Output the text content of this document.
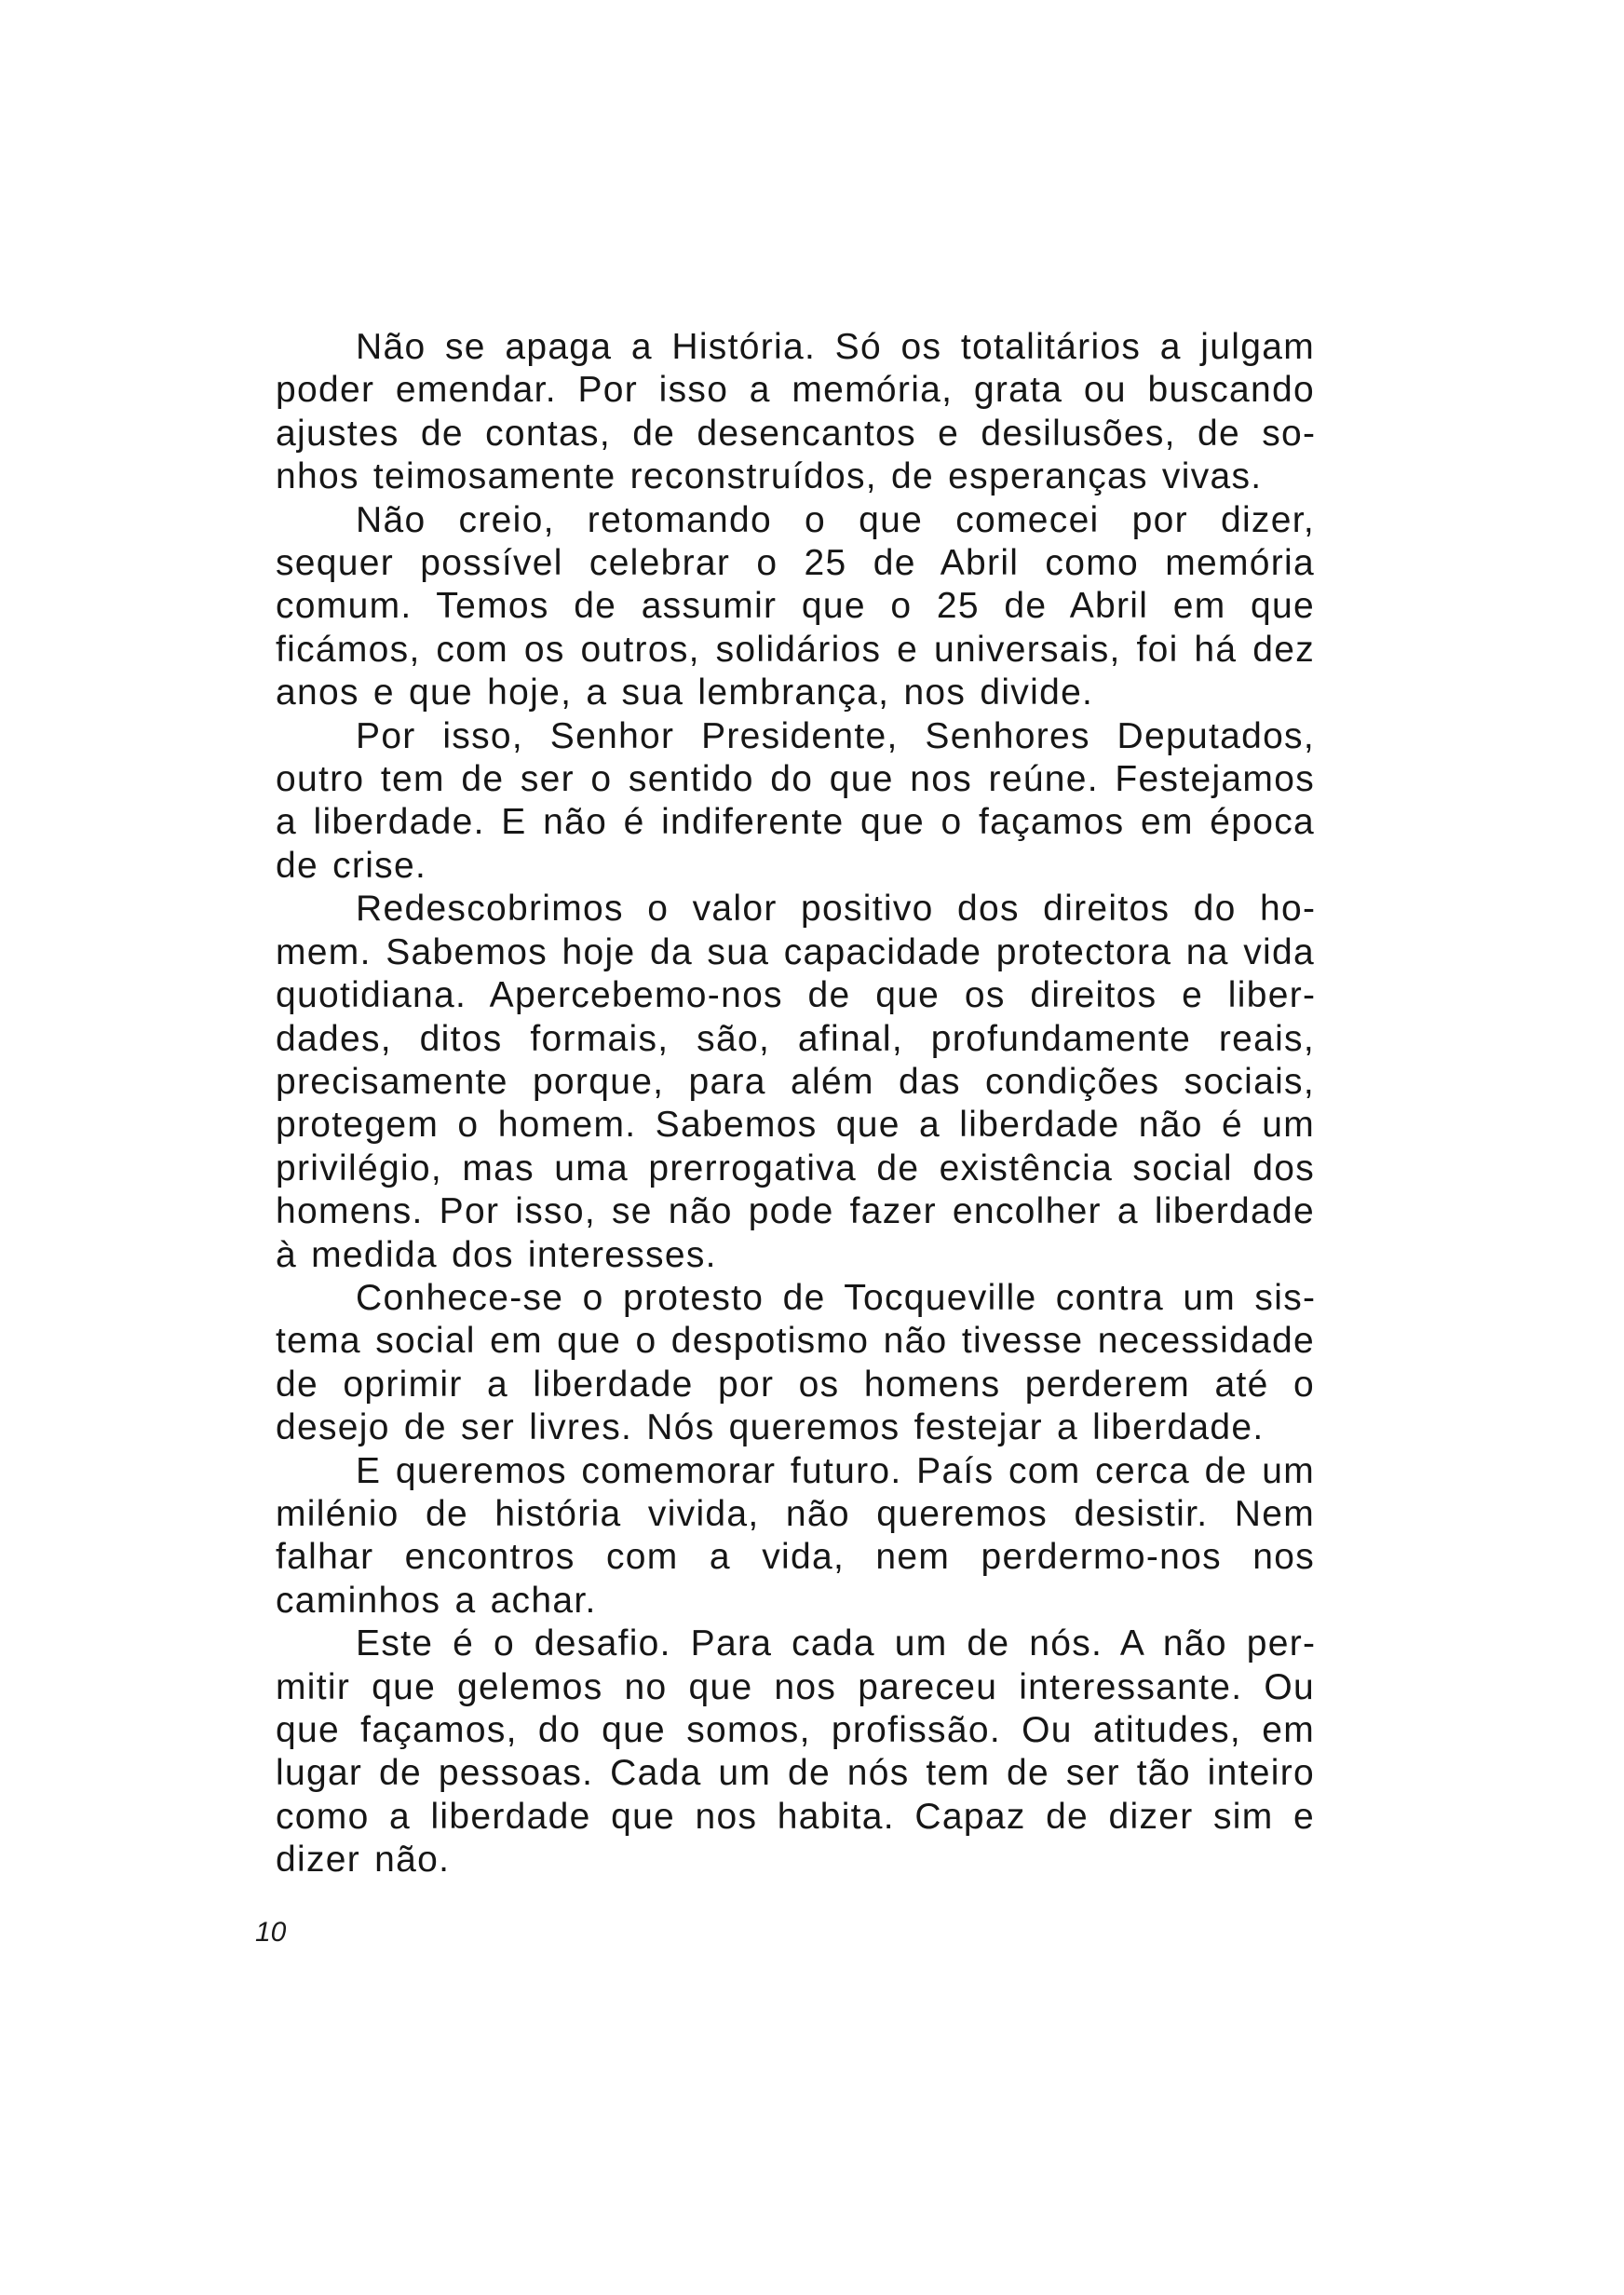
Não se apaga a História. Só os totalitários a julgam poder emendar. Por isso a memória, grata ou buscando ajustes de contas, de desencantos e desilusões, de sonhos teimosamente reconstruídos, de esperanças vivas.

Não creio, retomando o que comecei por dizer, sequer possível celebrar o 25 de Abril como memória comum. Temos de assumir que o 25 de Abril em que ficámos, com os outros, solidários e universais, foi há dez anos e que hoje, a sua lembrança, nos divide.

Por isso, Senhor Presidente, Senhores Deputados, outro tem de ser o sentido do que nos reúne. Festejamos a liberdade. E não é indiferente que o façamos em época de crise.

Redescobrimos o valor positivo dos direitos do homem. Sabemos hoje da sua capacidade protectora na vida quotidiana. Apercebemo-nos de que os direitos e liberdades, ditos formais, são, afinal, profundamente reais, precisamente porque, para além das condições sociais, protegem o homem. Sabemos que a liberdade não é um privilégio, mas uma prerrogativa de existência social dos homens. Por isso, se não pode fazer encolher a liberdade à medida dos interesses.

Conhece-se o protesto de Tocqueville contra um sistema social em que o despotismo não tivesse necessidade de oprimir a liberdade por os homens perderem até o desejo de ser livres. Nós queremos festejar a liberdade.

E queremos comemorar futuro. País com cerca de um milénio de história vivida, não queremos desistir. Nem falhar encontros com a vida, nem perdermo-nos nos caminhos a achar.

Este é o desafio. Para cada um de nós. A não permitir que gelemos no que nos pareceu interessante. Ou que façamos, do que somos, profissão. Ou atitudes, em lugar de pessoas. Cada um de nós tem de ser tão inteiro como a liberdade que nos habita. Capaz de dizer sim e dizer não.

10
